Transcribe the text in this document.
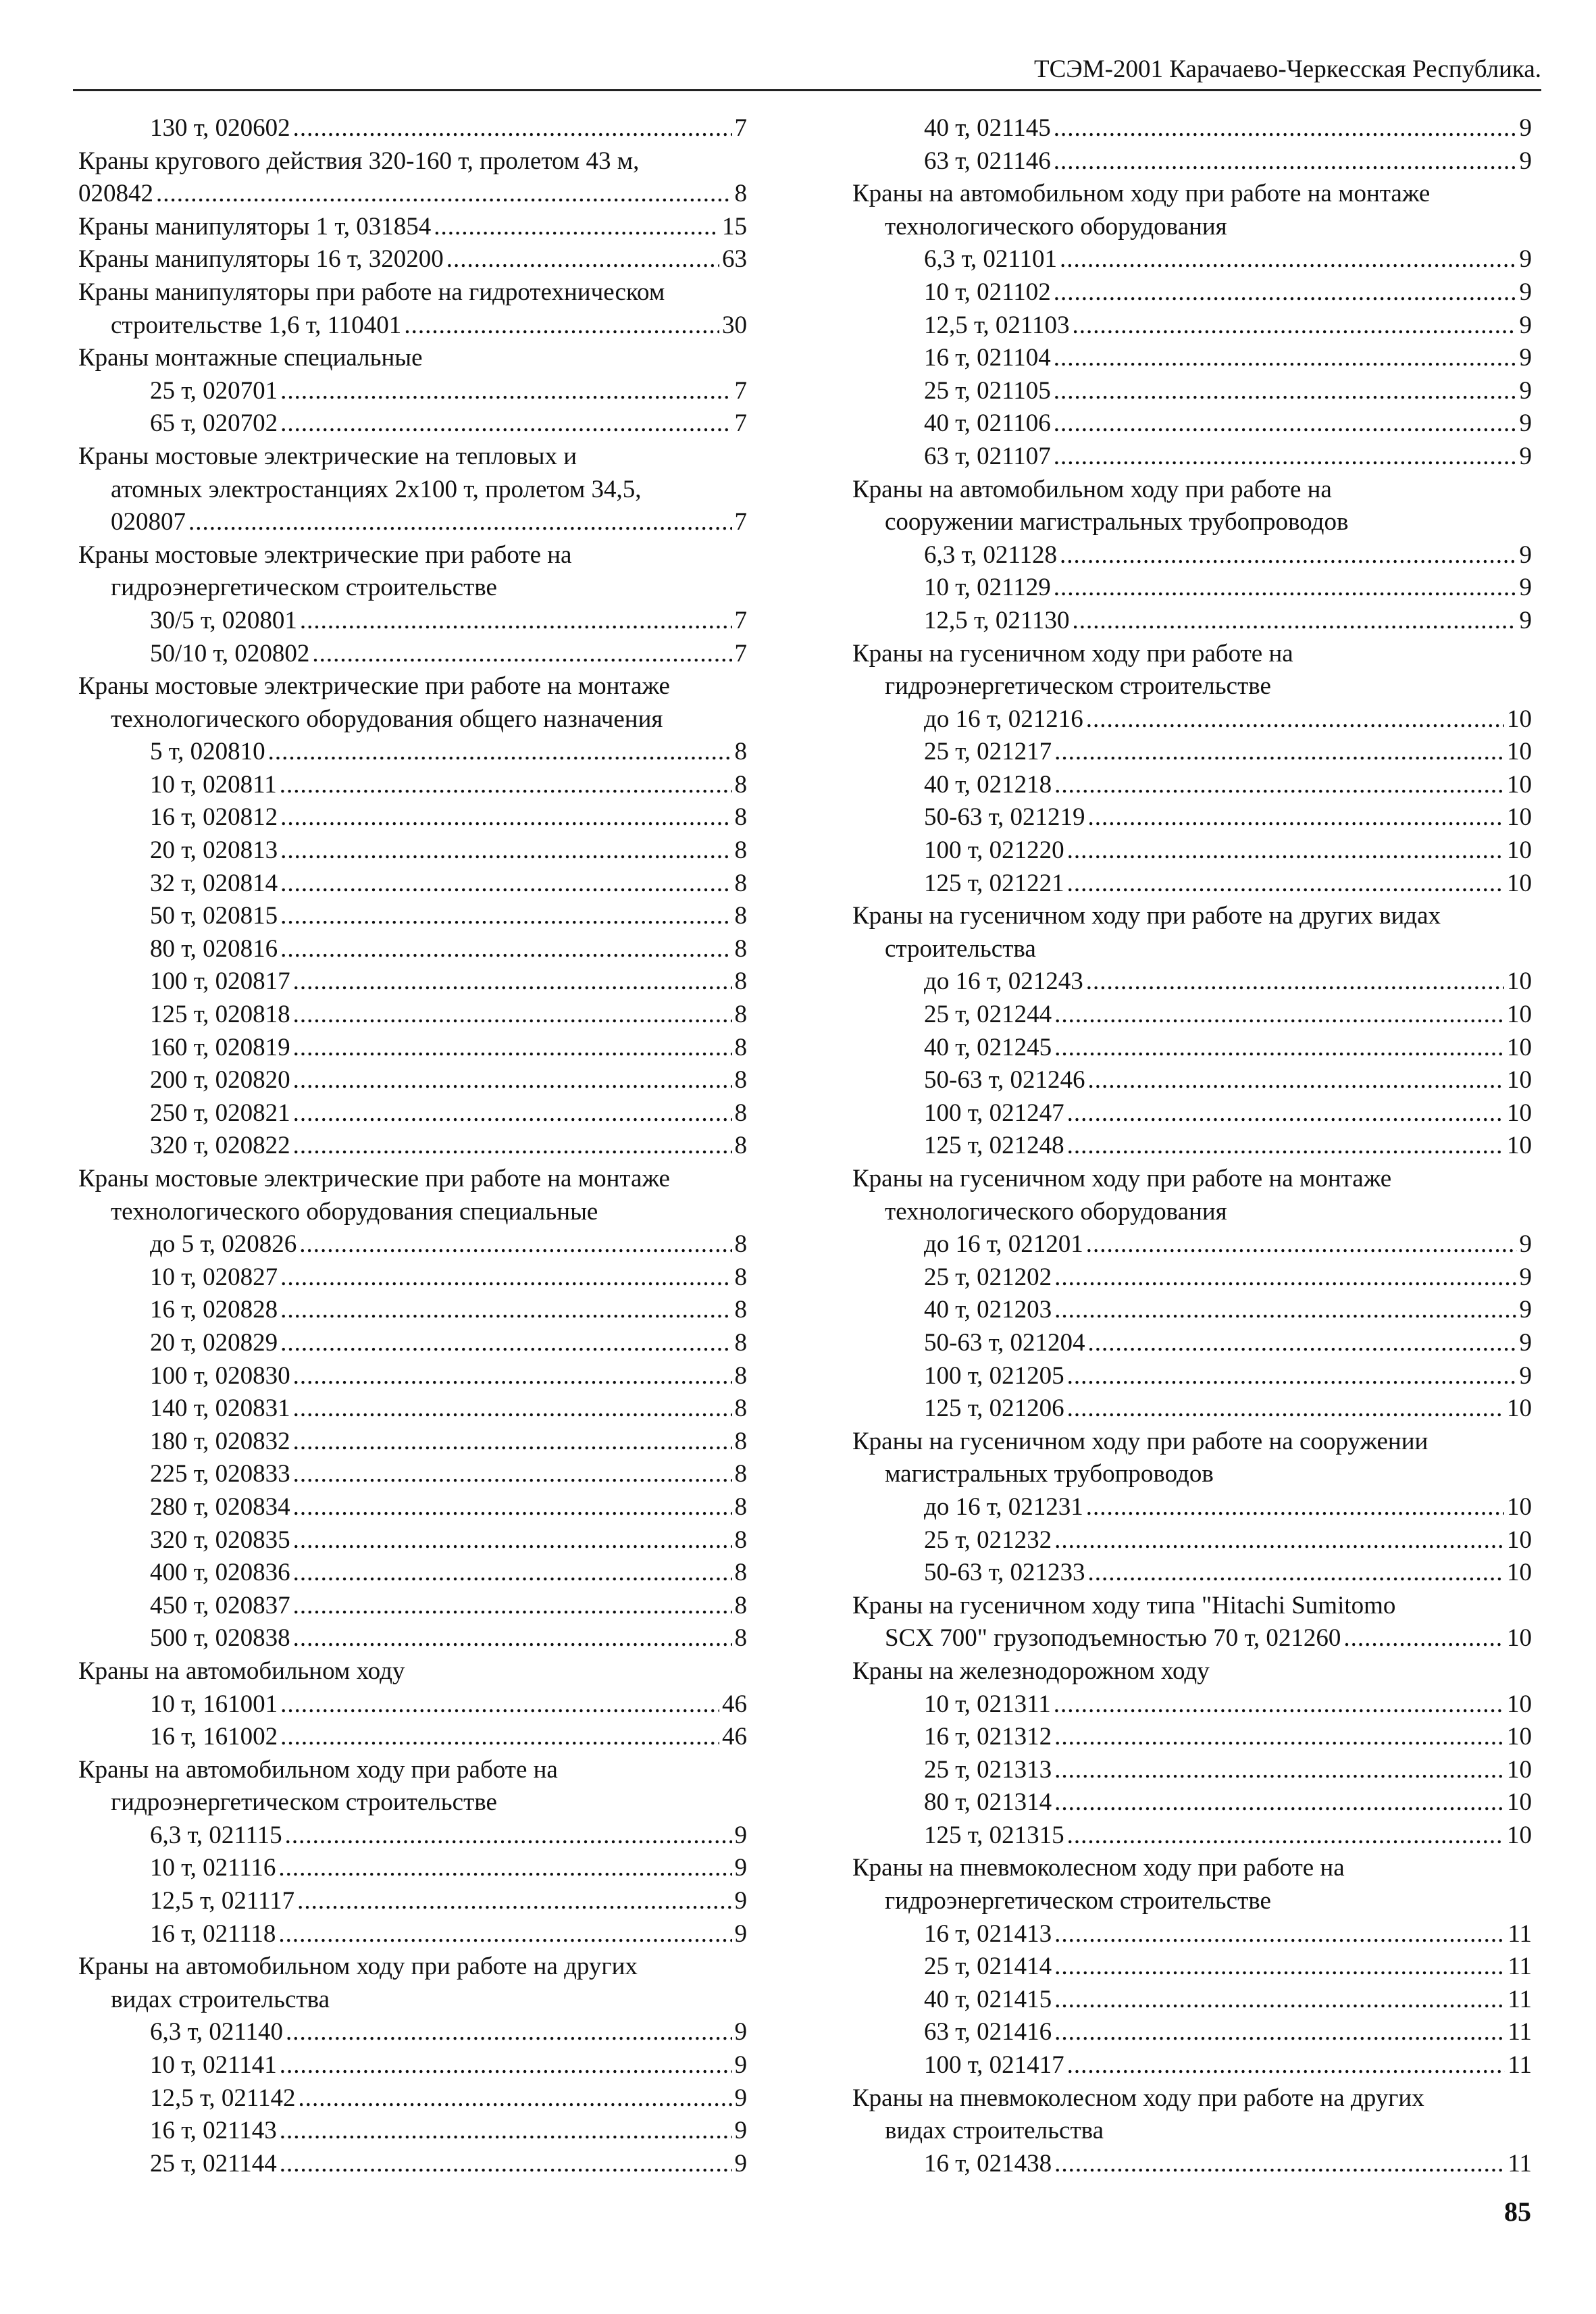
ТСЭМ-2001 Карачаево-Черкесская Республика.
130 т, 020602 .....	7
Краны кругового действия 320-160 т, пролетом 43 м,
020842 .....	8
Краны манипуляторы 1 т, 031854 .....	15
Краны манипуляторы 16 т, 320200 .....	63
Краны манипуляторы при работе на гидротехническом
строительстве 1,6 т, 110401 .....	30
Краны монтажные специальные
25 т, 020701 .....	7
65 т, 020702 .....	7
Краны мостовые электрические на тепловых и
атомных электростанциях 2х100 т, пролетом 34,5,
020807 .....	7
Краны мостовые электрические при работе на
гидроэнергетическом строительстве
30/5 т, 020801 .....	7
50/10 т, 020802 .....	7
Краны мостовые электрические при работе на монтаже
технологического оборудования общего назначения
5 т, 020810 .....	8
10 т, 020811 .....	8
16 т, 020812 .....	8
20 т, 020813 .....	8
32 т, 020814 .....	8
50 т, 020815 .....	8
80 т, 020816 .....	8
100 т, 020817 .....	8
125 т, 020818 .....	8
160 т, 020819 .....	8
200 т, 020820 .....	8
250 т, 020821 .....	8
320 т, 020822 .....	8
Краны мостовые электрические при работе на монтаже
технологического оборудования специальные
до 5 т, 020826 .....	8
10 т, 020827 .....	8
16 т, 020828 .....	8
20 т, 020829 .....	8
100 т, 020830 .....	8
140 т, 020831 .....	8
180 т, 020832 .....	8
225 т, 020833 .....	8
280 т, 020834 .....	8
320 т, 020835 .....	8
400 т, 020836 .....	8
450 т, 020837 .....	8
500 т, 020838 .....	8
Краны на автомобильном ходу
10 т, 161001 .....	46
16 т, 161002 .....	46
Краны на автомобильном ходу при работе на
гидроэнергетическом строительстве
6,3 т, 021115 .....	9
10 т, 021116 .....	9
12,5 т, 021117 .....	9
16 т, 021118 .....	9
Краны на автомобильном ходу при работе на других
видах строительства
6,3 т, 021140 .....	9
10 т, 021141 .....	9
12,5 т, 021142 .....	9
16 т, 021143 .....	9
25 т, 021144 .....	9
40 т, 021145 .....	9
63 т, 021146 .....	9
Краны на автомобильном ходу при работе на монтаже
технологического оборудования
6,3 т, 021101 .....	9
10 т, 021102 .....	9
12,5 т, 021103 .....	9
16 т, 021104 .....	9
25 т, 021105 .....	9
40 т, 021106 .....	9
63 т, 021107 .....	9
Краны на автомобильном ходу при работе на
сооружении магистральных трубопроводов
6,3 т, 021128 .....	9
10 т, 021129 .....	9
12,5 т, 021130 .....	9
Краны на гусеничном ходу при работе на
гидроэнергетическом строительстве
до 16 т, 021216 .....	10
25 т, 021217 .....	10
40 т, 021218 .....	10
50-63 т, 021219 .....	10
100 т, 021220 .....	10
125 т, 021221 .....	10
Краны на гусеничном ходу при работе на других видах
строительства
до 16 т, 021243 .....	10
25 т, 021244 .....	10
40 т, 021245 .....	10
50-63 т, 021246 .....	10
100 т, 021247 .....	10
125 т, 021248 .....	10
Краны на гусеничном ходу при работе на монтаже
технологического оборудования
до 16 т, 021201 .....	9
25 т, 021202 .....	9
40 т, 021203 .....	9
50-63 т, 021204 .....	9
100 т, 021205 .....	9
125 т, 021206 .....	10
Краны на гусеничном ходу при работе на сооружении
магистральных трубопроводов
до 16 т, 021231 .....	10
25 т, 021232 .....	10
50-63 т, 021233 .....	10
Краны на гусеничном ходу типа "Hitachi Sumitomo
SCX 700" грузоподъемностью 70 т, 021260 .....	10
Краны на железнодорожном ходу
10 т, 021311 .....	10
16 т, 021312 .....	10
25 т, 021313 .....	10
80 т, 021314 .....	10
125 т, 021315 .....	10
Краны на пневмоколесном ходу при работе на
гидроэнергетическом строительстве
16 т, 021413 .....	11
25 т, 021414 .....	11
40 т, 021415 .....	11
63 т, 021416 .....	11
100 т, 021417 .....	11
Краны на пневмоколесном ходу при работе на других
видах строительства
16 т, 021438 .....	11
85
